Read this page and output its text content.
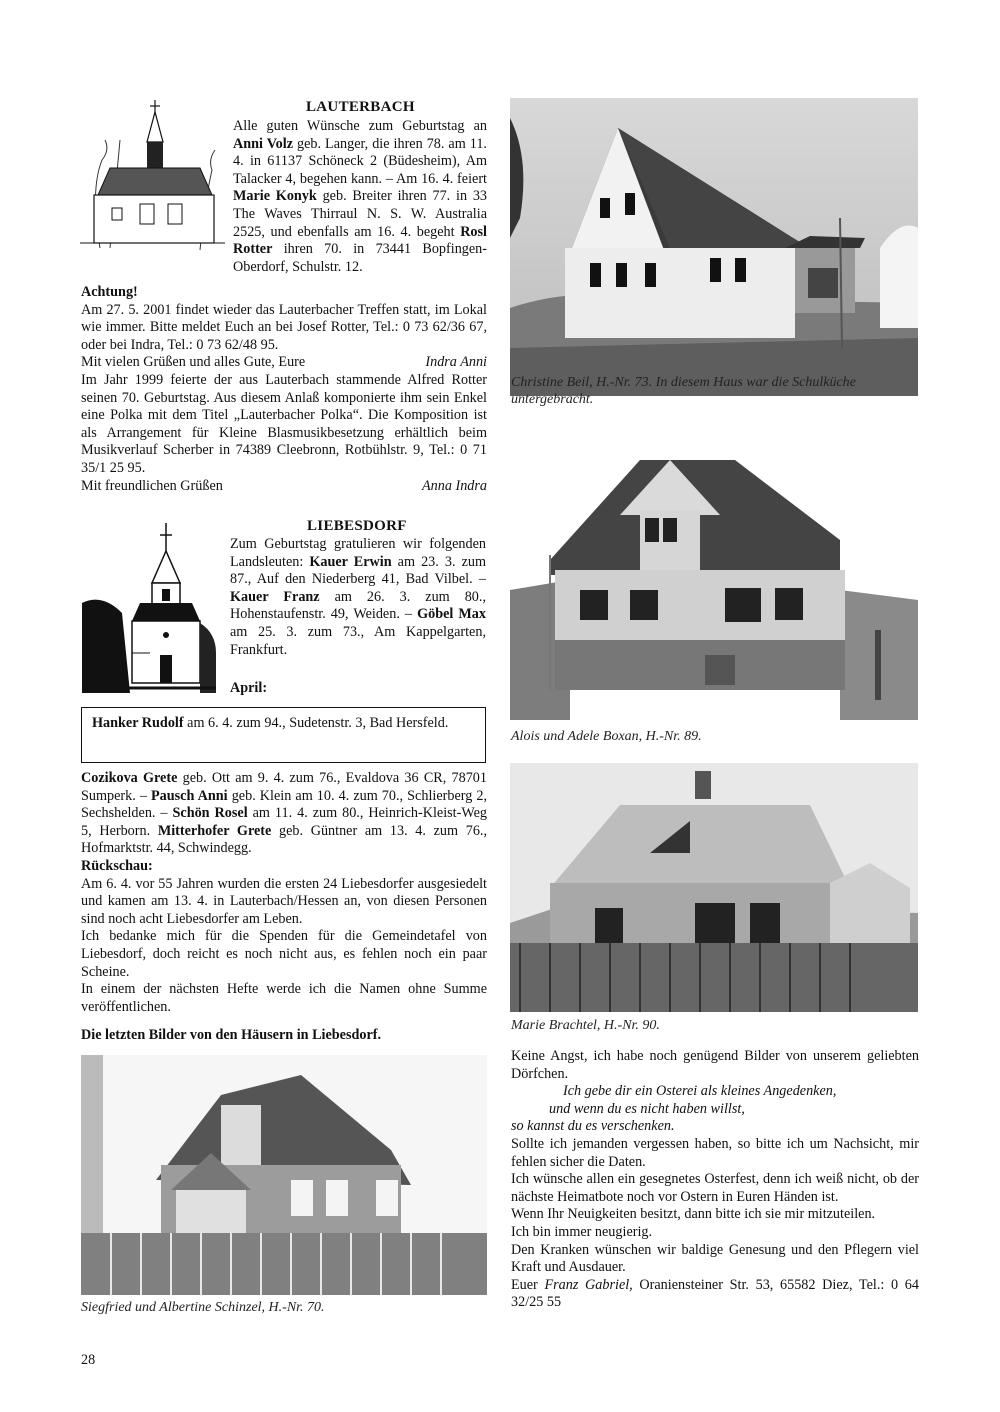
LAUTERBACH
Alle guten Wünsche zum Geburtstag an Anni Volz geb. Langer, die ihren 78. am 11. 4. in 61137 Schöneck 2 (Büdesheim), Am Talacker 4, begehen kann. – Am 16. 4. feiert Marie Konyk geb. Breiter ihren 77. in 33 The Waves Thirraul N. S. W. Australia 2525, und ebenfalls am 16. 4. begeht Rosl Rotter ihren 70. in 73441 Bopfingen-Oberdorf, Schulstr. 12.

Achtung!

Am 27. 5. 2001 findet wieder das Lauterbacher Treffen statt, im Lokal wie immer. Bitte meldet Euch an bei Josef Rotter, Tel.: 0 73 62/36 67, oder bei Indra, Tel.: 0 73 62/48 95.

Mit vielen Grüßen und alles Gute, Eure	Indra Anni

Im Jahr 1999 feierte der aus Lauterbach stammende Alfred Rotter seinen 70. Geburtstag. Aus diesem Anlaß komponierte ihm sein Enkel eine Polka mit dem Titel „Lauterbacher Polka“. Die Komposition ist als Arrangement für Kleine Blasmusikbesetzung erhältlich beim Musikverlauf Scherber in 74389 Cleebronn, Rotbühlstr. 9, Tel.: 0 71 35/1 25 95.

Mit freundlichen Grüßen	Anna Indra

LIEBESDORF
Zum Geburtstag gratulieren wir folgenden Landsleuten: Kauer Erwin am 23. 3. zum 87., Auf den Niederberg 41, Bad Vilbel. – Kauer Franz am 26. 3. zum 80., Hohenstaufenstr. 49, Weiden. – Göbel Max am 25. 3. zum 73., Am Kappelgarten, Frankfurt.
April:
Hanker Rudolf am 6. 4. zum 94., Sudetenstr. 3, Bad Hersfeld.

Cozikova Grete geb. Ott am 9. 4. zum 76., Evaldova 36 CR, 78701 Sumperk. – Pausch Anni geb. Klein am 10. 4. zum 70., Schlierberg 2, Sechshelden. – Schön Rosel am 11. 4. zum 80., Heinrich-Kleist-Weg 5, Herborn. Mitterhofer Grete geb. Güntner am 13. 4. zum 76., Hofmarktstr. 44, Schwindegg.

Rückschau:

Am 6. 4. vor 55 Jahren wurden die ersten 24 Liebesdorfer ausgesiedelt und kamen am 13. 4. in Lauterbach/Hessen an, von diesen Personen sind noch acht Liebesdorfer am Leben.

Ich bedanke mich für die Spenden für die Gemeindetafel von Liebesdorf, doch reicht es noch nicht aus, es fehlen noch ein paar Scheine.

In einem der nächsten Hefte werde ich die Namen ohne Summe veröffentlichen.

Die letzten Bilder von den Häusern in Liebesdorf.
Christine Beil, H.-Nr. 73. In diesem Haus war die Schulküche untergebracht.
Alois und Adele Boxan, H.-Nr. 89.
Marie Brachtel, H.-Nr. 90.
Siegfried und Albertine Schinzel, H.-Nr. 70.

Keine Angst, ich habe noch genügend Bilder von unserem geliebten Dörfchen.

Ich gebe dir ein Osterei als kleines Angedenken,

und wenn du es nicht haben willst,

so kannst du es verschenken.

Sollte ich jemanden vergessen haben, so bitte ich um Nachsicht, mir fehlen sicher die Daten.

Ich wünsche allen ein gesegnetes Osterfest, denn ich weiß nicht, ob der nächste Heimatbote noch vor Ostern in Euren Händen ist.

Wenn Ihr Neuigkeiten besitzt, dann bitte ich sie mir mitzuteilen.

Ich bin immer neugierig.

Den Kranken wünschen wir baldige Genesung und den Pflegern viel Kraft und Ausdauer.

Euer Franz Gabriel, Oraniensteiner Str. 53, 65582 Diez, Tel.: 0 64 32/25 55

28
